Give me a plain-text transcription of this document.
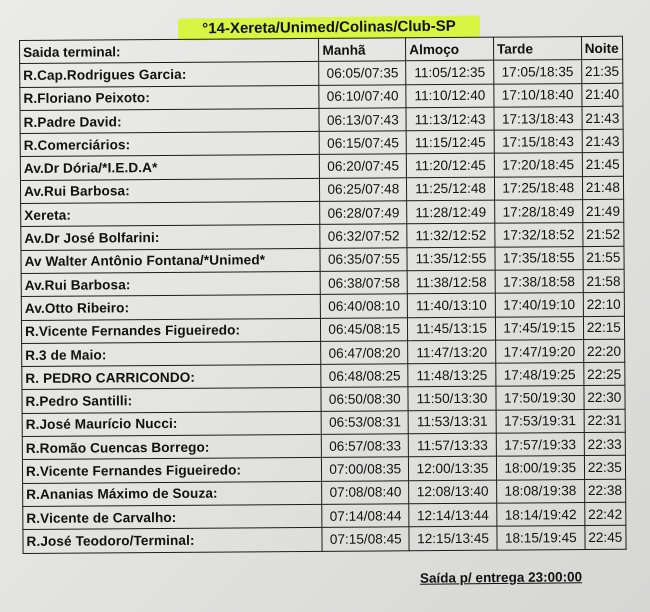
°14-Xereta/Unimed/Colinas/Club-SP
Saida terminal:	Manhã	Almoço	Tarde	Noite
R.Cap.Rodrigues Garcia:	06:05/07:35	11:05/12:35	17:05/18:35	21:35
R.Floriano Peixoto:	06:10/07:40	11:10/12:40	17:10/18:40	21:40
R.Padre David:	06:13/07:43	11:13/12:43	17:13/18:43	21:43
R.Comerciários:	06:15/07:45	11:15/12:45	17:15/18:43	21:43
Av.Dr Dória/*I.E.D.A*	06:20/07:45	11:20/12:45	17:20/18:45	21:45
Av.Rui Barbosa:	06:25/07:48	11:25/12:48	17:25/18:48	21:48
Xereta:	06:28/07:49	11:28/12:49	17:28/18:49	21:49
Av.Dr José Bolfarini:	06:32/07:52	11:32/12:52	17:32/18:52	21:52
Av Walter Antônio Fontana/*Unimed*	06:35/07:55	11:35/12:55	17:35/18:55	21:55
Av.Rui Barbosa:	06:38/07:58	11:38/12:58	17:38/18:58	21:58
Av.Otto Ribeiro:	06:40/08:10	11:40/13:10	17:40/19:10	22:10
R.Vicente Fernandes Figueiredo:	06:45/08:15	11:45/13:15	17:45/19:15	22:15
R.3 de Maio:	06:47/08:20	11:47/13:20	17:47/19:20	22:20
R. PEDRO CARRICONDO:	06:48/08:25	11:48/13:25	17:48/19:25	22:25
R.Pedro Santilli:	06:50/08:30	11:50/13:30	17:50/19:30	22:30
R.José Maurício Nucci:	06:53/08:31	11:53/13:31	17:53/19:31	22:31
R.Romão Cuencas Borrego:	06:57/08:33	11:57/13:33	17:57/19:33	22:33
R.Vicente Fernandes Figueiredo:	07:00/08:35	12:00/13:35	18:00/19:35	22:35
R.Ananias Máximo de Souza:	07:08/08:40	12:08/13:40	18:08/19:38	22:38
R.Vicente de Carvalho:	07:14/08:44	12:14/13:44	18:14/19:42	22:42
R.José Teodoro/Terminal:	07:15/08:45	12:15/13:45	18:15/19:45	22:45
Saída p/ entrega 23:00:00
